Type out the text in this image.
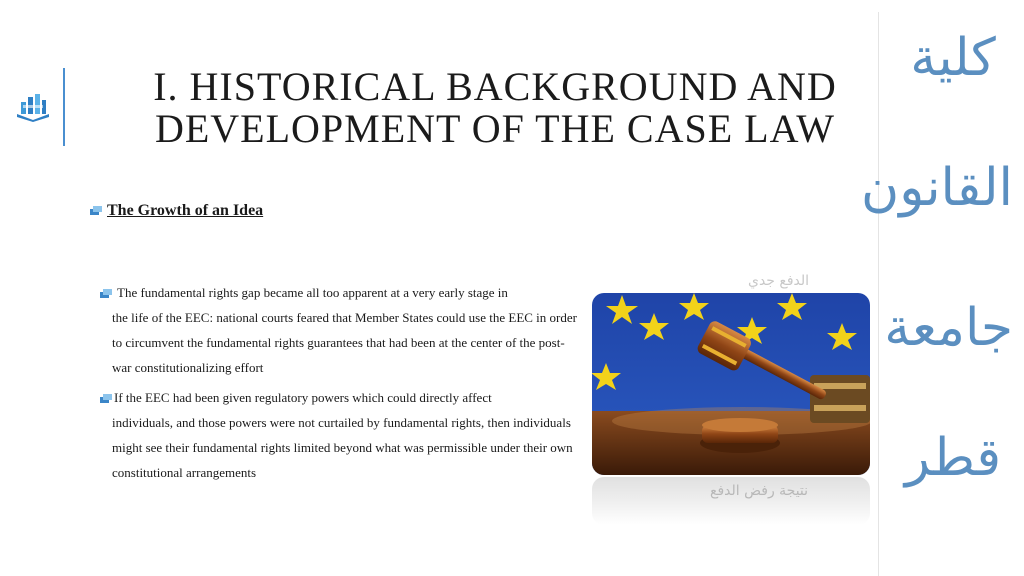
I. HISTORICAL BACKGROUND AND
DEVELOPMENT OF THE CASE LAW
The Growth of an Idea

The fundamental rights gap became all too apparent at a very early stage in
the life of the EEC: national courts feared that Member States could use the EEC in order to circumvent the fundamental rights guarantees that had been at the center of the post-war constitutionalizing effort

If the EEC had been given regulatory powers which could directly affect
individuals, and those powers were not curtailed by fundamental rights, then individuals might see their fundamental rights limited beyond what was permissible under their own constitutional arrangements

الدفع جدي
نتيجة رفض الدفع
كلية
القانون
جامعة
قطر
